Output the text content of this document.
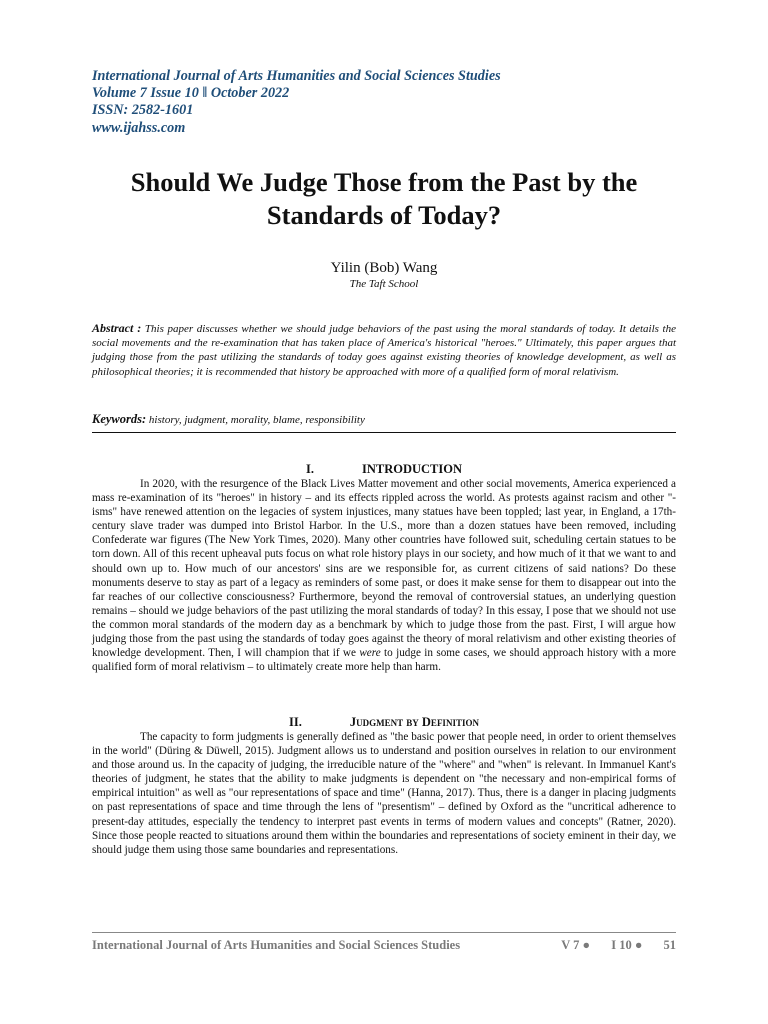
International Journal of Arts Humanities and Social Sciences Studies
Volume 7 Issue 10 ǁ October 2022
ISSN: 2582-1601
www.ijahss.com
Should We Judge Those from the Past by the Standards of Today?
Yilin (Bob) Wang
The Taft School

Abstract : This paper discusses whether we should judge behaviors of the past using the moral standards of today. It details the social movements and the re-examination that has taken place of America's historical "heroes." Ultimately, this paper argues that judging those from the past utilizing the standards of today goes against existing theories of knowledge development, as well as philosophical theories; it is recommended that history be approached with more of a qualified form of moral relativism.

Keywords: history, judgment, morality, blame, responsibility
I.	INTRODUCTION

In 2020, with the resurgence of the Black Lives Matter movement and other social movements, America experienced a mass re-examination of its "heroes" in history – and its effects rippled across the world. As protests against racism and other "-isms" have renewed attention on the legacies of system injustices, many statues have been toppled; last year, in England, a 17th-century slave trader was dumped into Bristol Harbor. In the U.S., more than a dozen statues have been removed, including Confederate war figures (The New York Times, 2020). Many other countries have followed suit, scheduling certain statues to be torn down. All of this recent upheaval puts focus on what role history plays in our society, and how much of it that we want to and should own up to. How much of our ancestors' sins are we responsible for, as current citizens of said nations? Do these monuments deserve to stay as part of a legacy as reminders of some past, or does it make sense for them to disappear out into the far reaches of our collective consciousness? Furthermore, beyond the removal of controversial statues, an underlying question remains – should we judge behaviors of the past utilizing the moral standards of today? In this essay, I pose that we should not use the common moral standards of the modern day as a benchmark by which to judge those from the past. First, I will argue how judging those from the past using the standards of today goes against the theory of moral relativism and other existing theories of knowledge development. Then, I will champion that if we were to judge in some cases, we should approach history with a more qualified form of moral relativism – to ultimately create more help than harm.

II.	Judgment by Definition

The capacity to form judgments is generally defined as "the basic power that people need, in order to orient themselves in the world" (Düring & Düwell, 2015). Judgment allows us to understand and position ourselves in relation to our environment and those around us. In the capacity of judging, the irreducible nature of the "where" and "when" is relevant. In Immanuel Kant's theories of judgment, he states that the ability to make judgments is dependent on "the necessary and non-empirical forms of empirical intuition" as well as "our representations of space and time" (Hanna, 2017). Thus, there is a danger in placing judgments on past representations of space and time through the lens of "presentism" – defined by Oxford as the "uncritical adherence to present-day attitudes, especially the tendency to interpret past events in terms of modern values and concepts" (Ratner, 2020). Since those people reacted to situations around them within the boundaries and representations of society eminent in their day, we should judge them using those same boundaries and representations.

International Journal of Arts Humanities and Social Sciences Studies	V 7 ● I 10 ● 51
